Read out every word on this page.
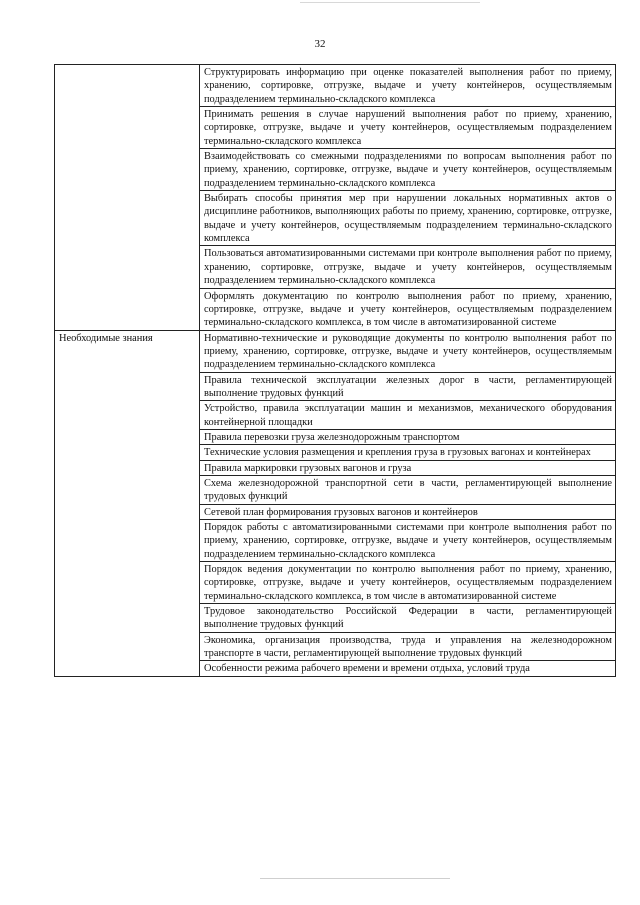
32
	Структурировать информацию при оценке показателей выполнения работ по приему, хранению, сортировке, отгрузке, выдаче и учету контейнеров, осуществляемым подразделением терминально-складского комплекса
	Принимать решения в случае нарушений выполнения работ по приему, хранению, сортировке, отгрузке, выдаче и учету контейнеров, осуществляемым подразделением терминально-складского комплекса
	Взаимодействовать со смежными подразделениями по вопросам выполнения работ по приему, хранению, сортировке, отгрузке, выдаче и учету контейнеров, осуществляемым подразделением терминально-складского комплекса
	Выбирать способы принятия мер при нарушении локальных нормативных актов о дисциплине работников, выполняющих работы по приему, хранению, сортировке, отгрузке, выдаче и учету контейнеров, осуществляемым подразделением терминально-складского комплекса
	Пользоваться автоматизированными системами при контроле выполнения работ по приему, хранению, сортировке, отгрузке, выдаче и учету контейнеров, осуществляемым подразделением терминально-складского комплекса
	Оформлять документацию по контролю выполнения работ по приему, хранению, сортировке, отгрузке, выдаче и учету контейнеров, осуществляемым подразделением терминально-складского комплекса, в том числе в автоматизированной системе
Необходимые знания	Нормативно-технические и руководящие документы по контролю выполнения работ по приему, хранению, сортировке, отгрузке, выдаче и учету контейнеров, осуществляемым подразделением терминально-складского комплекса
	Правила технической эксплуатации железных дорог в части, регламентирующей выполнение трудовых функций
	Устройство, правила эксплуатации машин и механизмов, механического оборудования контейнерной площадки
	Правила перевозки груза железнодорожным транспортом
	Технические условия размещения и крепления груза в грузовых вагонах и контейнерах
	Правила маркировки грузовых вагонов и груза
	Схема железнодорожной транспортной сети в части, регламентирующей выполнение трудовых функций
	Сетевой план формирования грузовых вагонов и контейнеров
	Порядок работы с автоматизированными системами при контроле выполнения работ по приему, хранению, сортировке, отгрузке, выдаче и учету контейнеров, осуществляемым подразделением терминально-складского комплекса
	Порядок ведения документации по контролю выполнения работ по приему, хранению, сортировке, отгрузке, выдаче и учету контейнеров, осуществляемым подразделением терминально-складского комплекса, в том числе в автоматизированной системе
	Трудовое законодательство Российской Федерации в части, регламентирующей выполнение трудовых функций
	Экономика, организация производства, труда и управления на железнодорожном транспорте в части, регламентирующей выполнение трудовых функций
	Особенности режима рабочего времени и времени отдыха, условий труда
